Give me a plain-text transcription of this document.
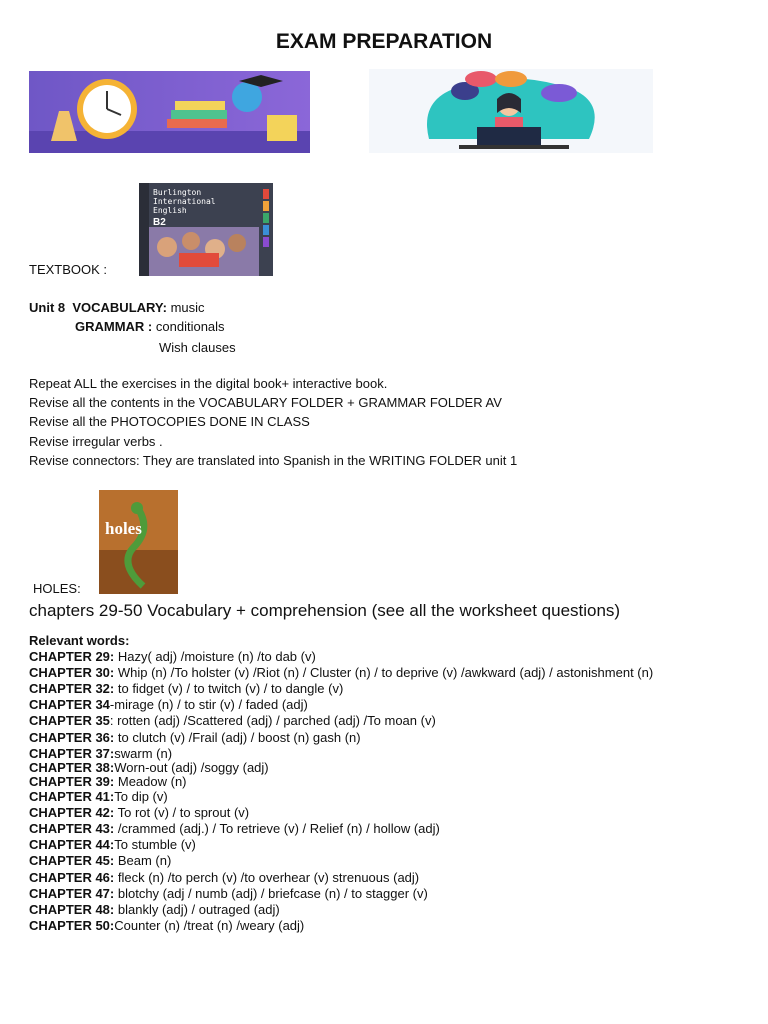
EXAM PREPARATION
Burlington
International
English
B2
TEXTBOOK :
Unit 8 VOCABULARY: music
GRAMMAR : conditionals
Wish clauses
Repeat ALL the exercises in the digital book+ interactive book.
Revise all the contents in the VOCABULARY FOLDER + GRAMMAR FOLDER AV
Revise all the PHOTOCOPIES DONE IN CLASS
Revise irregular verbs .
Revise connectors: They are translated into Spanish in the WRITING FOLDER unit 1
holes
HOLES:
chapters 29-50 Vocabulary + comprehension (see all the worksheet questions)
Relevant words:
CHAPTER 29: Hazy( adj) /moisture (n) /to dab (v)
CHAPTER 30: Whip (n) /To holster (v) /Riot (n) / Cluster (n) / to deprive (v) /awkward (adj) / astonishment (n)
CHAPTER 32: to fidget (v) / to twitch (v) / to dangle (v)
CHAPTER 34-mirage (n) / to stir (v) / faded (adj)
CHAPTER 35: rotten (adj) /Scattered (adj) / parched (adj) /To moan (v)
CHAPTER 36: to clutch (v) /Frail (adj) / boost (n) gash (n)
CHAPTER 37:swarm (n)
CHAPTER 38:Worn-out (adj) /soggy (adj)
CHAPTER 39: Meadow (n)
CHAPTER 41:To dip (v)
CHAPTER 42: To rot (v) / to sprout (v)
CHAPTER 43: /crammed (adj.) / To retrieve (v) / Relief (n) / hollow (adj)
CHAPTER 44:To stumble (v)
CHAPTER 45: Beam (n)
CHAPTER 46: fleck (n) /to perch (v) /to overhear (v) strenuous (adj)
CHAPTER 47: blotchy (adj / numb (adj) / briefcase (n) / to stagger (v)
CHAPTER 48: blankly (adj) / outraged (adj)
CHAPTER 50:Counter (n) /treat (n) /weary (adj)
